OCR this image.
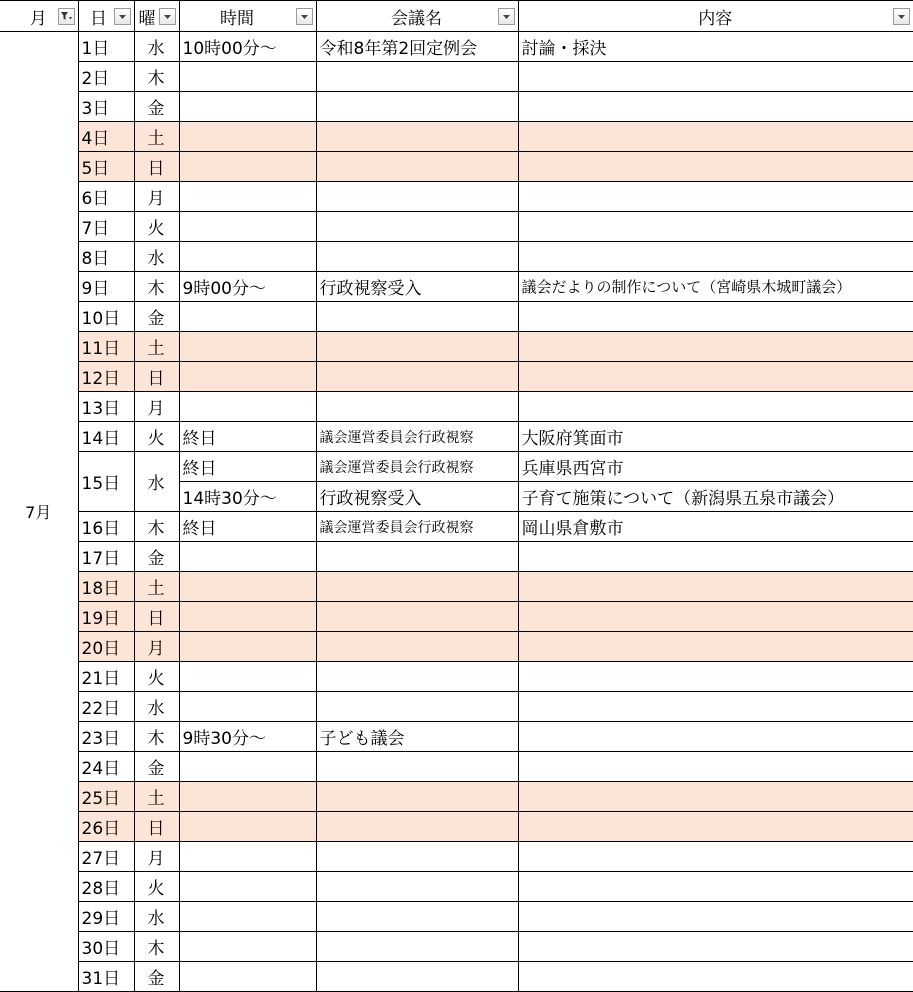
月	日	曜	時間	会議名	内容

7月	1日	水	10時00分〜	令和8年第2回定例会	討論・採決
	2日	木			
	3日	金			
	4日	土			
	5日	日			
	6日	月			
	7日	火			
	8日	水			
	9日	木	9時00分〜	行政視察受入	議会だよりの制作について（宮崎県木城町議会）
	10日	金			
	11日	土			
	12日	日			
	13日	月			
	14日	火	終日	議会運営委員会行政視察	大阪府箕面市
	15日	水	終日	議会運営委員会行政視察	兵庫県西宮市
			14時30分〜	行政視察受入	子育て施策について（新潟県五泉市議会）
	16日	木	終日	議会運営委員会行政視察	岡山県倉敷市
	17日	金			
	18日	土			
	19日	日			
	20日	月			
	21日	火			
	22日	水			
	23日	木	9時30分〜	子ども議会	
	24日	金			
	25日	土			
	26日	日			
	27日	月			
	28日	火			
	29日	水			
	30日	木			
	31日	金			
